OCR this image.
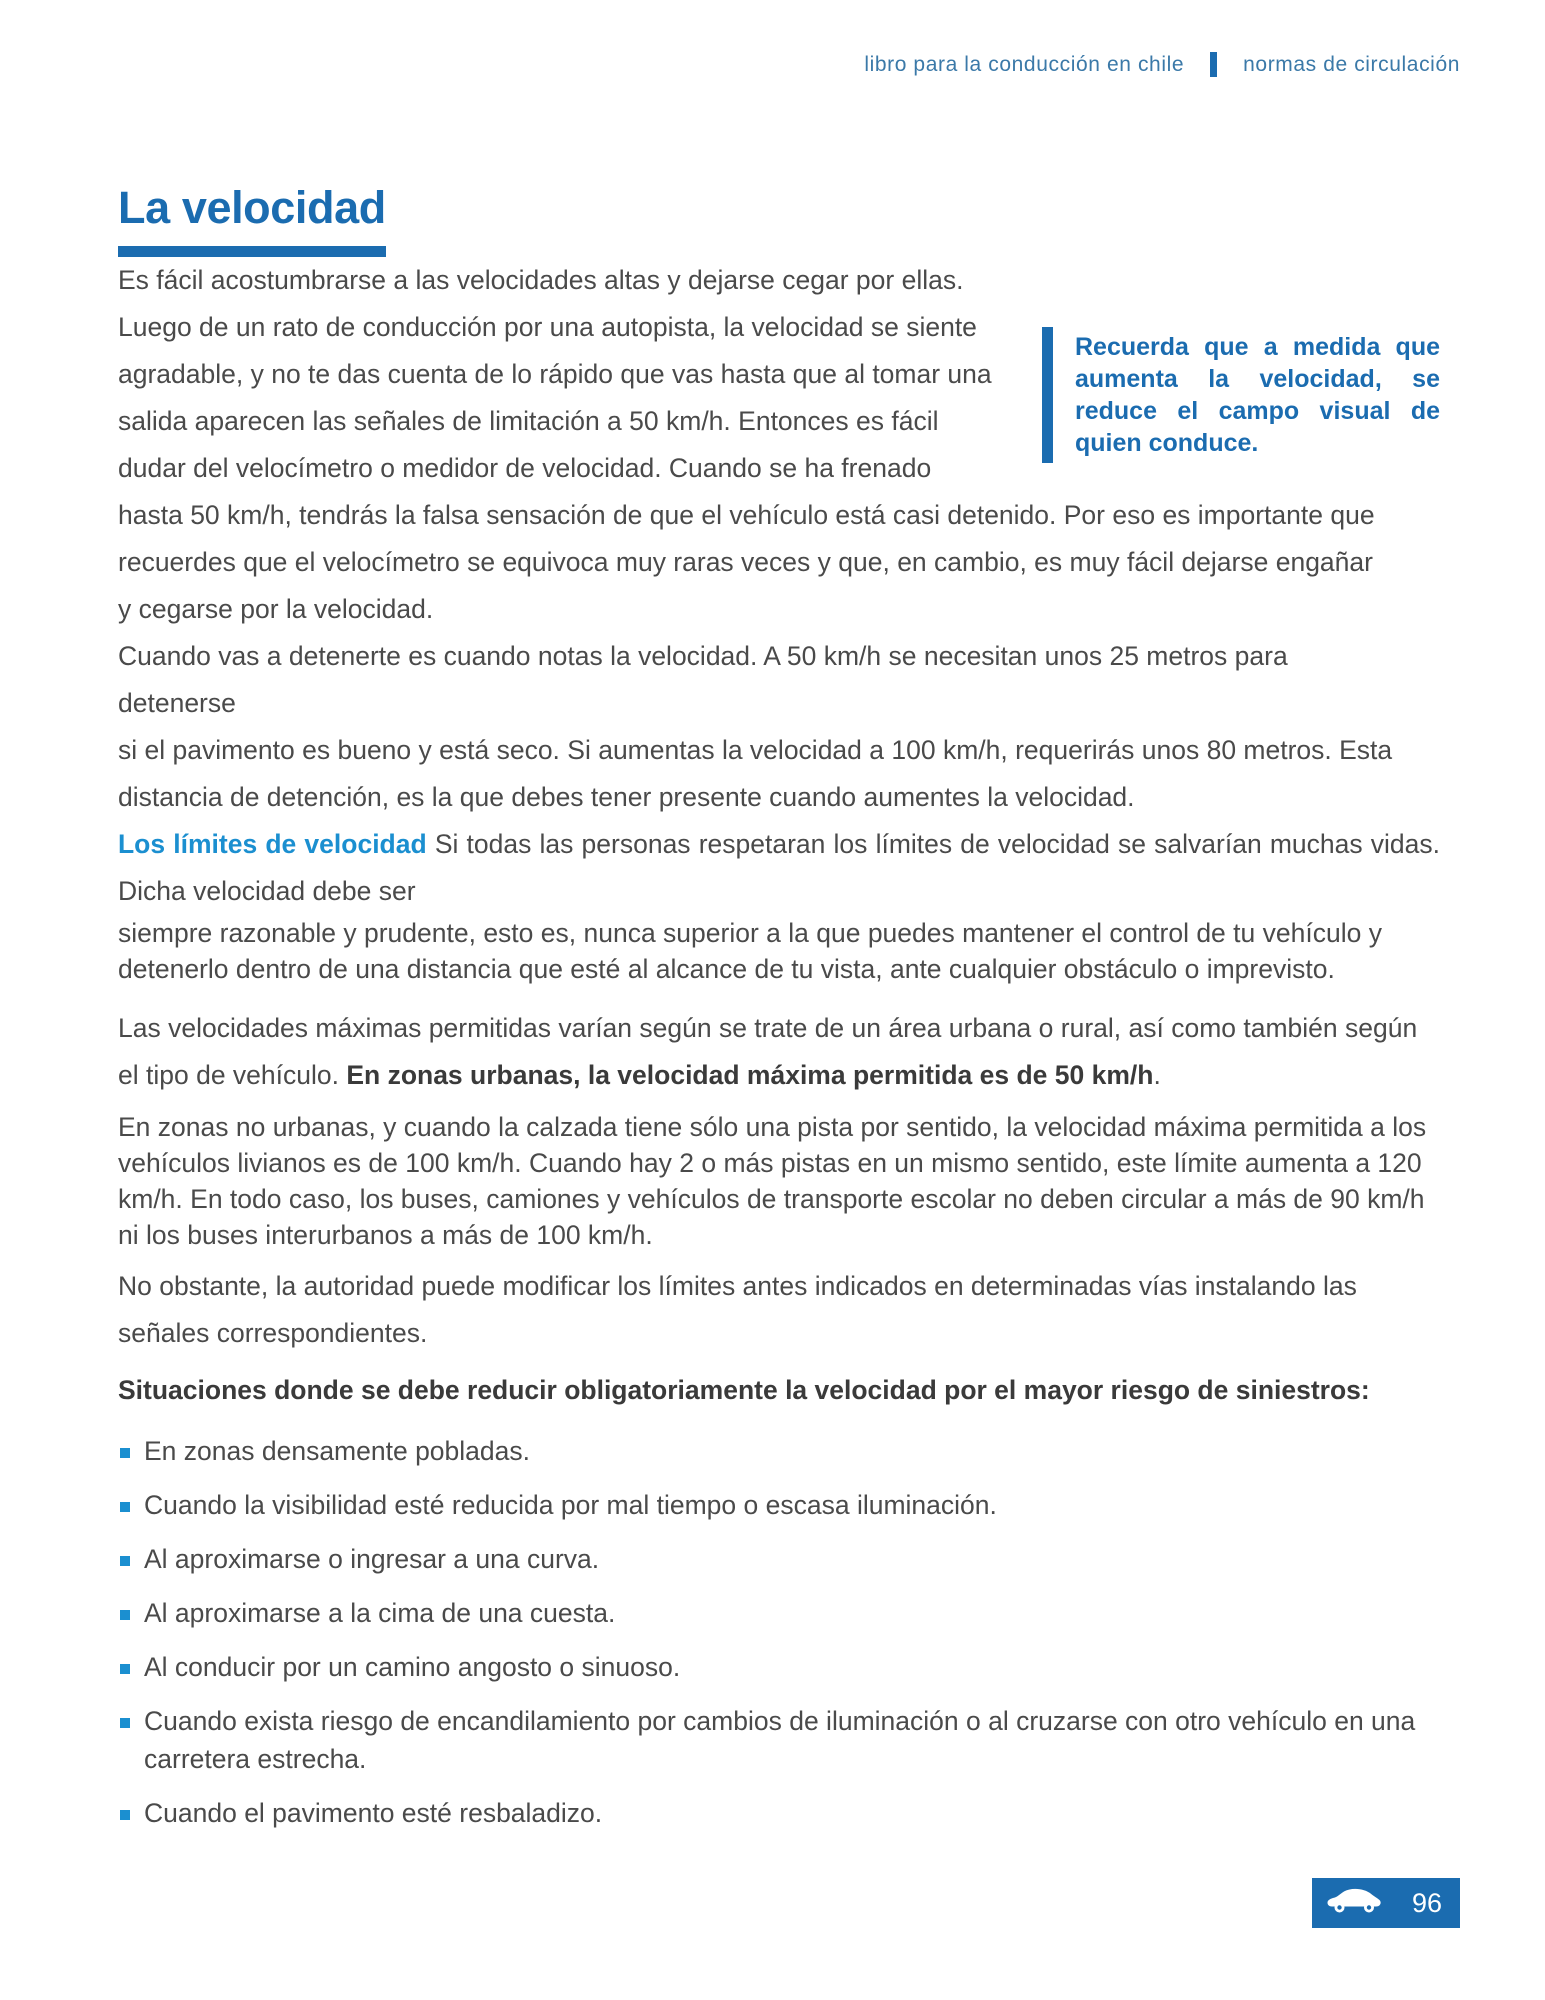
libro para la conducción en chile	normas de circulación
La velocidad

Recuerda que a medida que aumenta la velocidad, se reduce el campo visual de quien conduce.

Es fácil acostumbrarse a las velocidades altas y dejarse cegar por ellas. Luego de un rato de conducción por una autopista, la velocidad se siente agradable, y no te das cuenta de lo rápido que vas hasta que al tomar una salida aparecen las señales de limitación a 50 km/h. Entonces es fácil dudar del velocímetro o medidor de velocidad. Cuando se ha frenado

hasta 50 km/h, tendrás la falsa sensación de que el vehículo está casi detenido. Por eso es importante que recuerdes que el velocímetro se equivoca muy raras veces y que, en cambio, es muy fácil dejarse engañar

y cegarse por la velocidad.

Cuando vas a detenerte es cuando notas la velocidad. A 50 km/h se necesitan unos 25 metros para

detenerse

si el pavimento es bueno y está seco. Si aumentas la velocidad a 100 km/h, requerirás unos 80 metros. Esta distancia de detención, es la que debes tener presente cuando aumentes la velocidad.

Los límites de velocidad Si todas las personas respetaran los límites de velocidad se salvarían muchas vidas. Dicha velocidad debe ser

siempre razonable y prudente, esto es, nunca superior a la que puedes mantener el control de tu vehículo y detenerlo dentro de una distancia que esté al alcance de tu vista, ante cualquier obstáculo o imprevisto.

Las velocidades máximas permitidas varían según se trate de un área urbana o rural, así como también según el tipo de vehículo. En zonas urbanas, la velocidad máxima permitida es de 50 km/h.

En zonas no urbanas, y cuando la calzada tiene sólo una pista por sentido, la velocidad máxima permitida a los vehículos livianos es de 100 km/h. Cuando hay 2 o más pistas en un mismo sentido, este límite aumenta a 120 km/h. En todo caso, los buses, camiones y vehículos de transporte escolar no deben circular a más de 90 km/h ni los buses interurbanos a más de 100 km/h.

No obstante, la autoridad puede modificar los límites antes indicados en determinadas vías instalando las señales correspondientes.

Situaciones donde se debe reducir obligatoriamente la velocidad por el mayor riesgo de siniestros:

En zonas densamente pobladas.
Cuando la visibilidad esté reducida por mal tiempo o escasa iluminación.
Al aproximarse o ingresar a una curva.
Al aproximarse a la cima de una cuesta.
Al conducir por un camino angosto o sinuoso.
Cuando exista riesgo de encandilamiento por cambios de iluminación o al cruzarse con otro vehículo en una carretera estrecha.
Cuando el pavimento esté resbaladizo.
96
